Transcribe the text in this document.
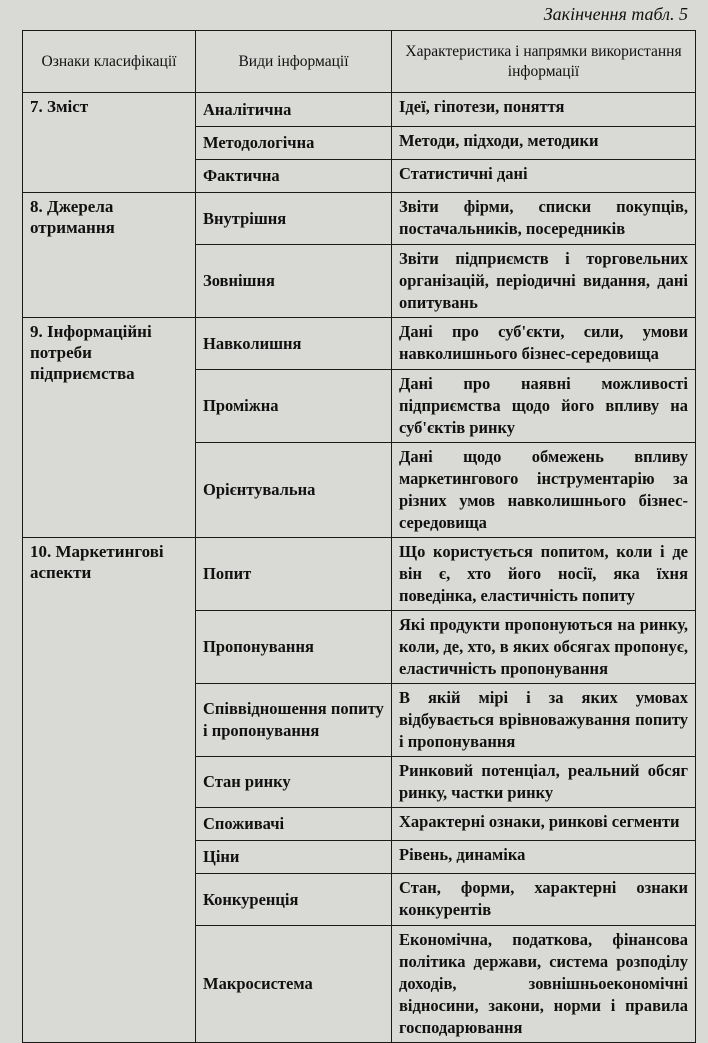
Закінчення табл. 5
Ознаки класифікації	Види інформації	Характеристика і напрямки використання інформації
7. Зміст	Аналітична	Ідеї, гіпотези, поняття
	Методологічна	Методи, підходи, методики
	Фактична	Статистичні дані
8. Джерела отримання	Внутрішня	Звіти фірми, списки покупців, постачальників, посередників
	Зовнішня	Звіти підприємств і торговельних організацій, періодичні видання, дані опитувань
9. Інформаційні потреби підприємства	Навколишня	Дані про суб'єкти, сили, умови навколишнього бізнес-середовища
	Проміжна	Дані про наявні можливості підприємства щодо його впливу на суб'єктів ринку
	Орієнтувальна	Дані щодо обмежень впливу маркетингового інструментарію за різних умов навколишнього бізнес-середовища
10. Маркетингові аспекти	Попит	Що користується попитом, коли і де він є, хто його носії, яка їхня поведінка, еластичність попиту
	Пропонування	Які продукти пропонуються на ринку, коли, де, хто, в яких обсягах пропонує, еластичність пропонування
	Співвідношення попиту і пропонування	В якій мірі і за яких умовах відбувається врівноважування попиту і пропонування
	Стан ринку	Ринковий потенціал, реальний обсяг ринку, частки ринку
	Споживачі	Характерні ознаки, ринкові сегменти
	Ціни	Рівень, динаміка
	Конкуренція	Стан, форми, характерні ознаки конкурентів
	Макросистема	Економічна, податкова, фінансова політика держави, система розподілу доходів, зовнішньоекономічні відносини, закони, норми і правила господарювання
